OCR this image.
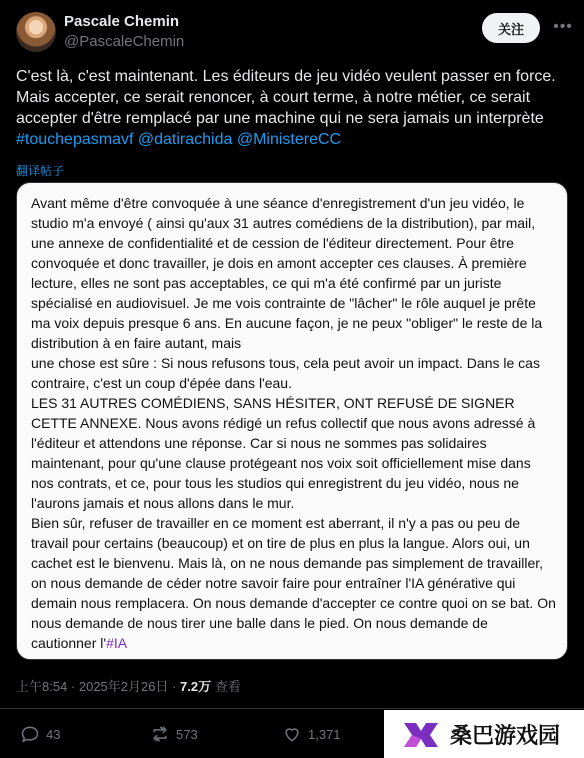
Pascale Chemin
@PascaleChemin
关注	•••
C'est là, c'est maintenant. Les éditeurs de jeu vidéo veulent passer en force. Mais accepter, ce serait renoncer, à court terme, à notre métier, ce serait accepter d'être remplacé par une machine qui ne sera jamais un interprète #touchepasmavf @datirachida @MinistereCC
翻译帖子
Avant même d'être convoquée à une séance d'enregistrement d'un jeu vidéo, le studio m'a envoyé ( ainsi qu'aux 31 autres comédiens de la distribution), par mail, une annexe de confidentialité et de cession de l'éditeur directement. Pour être convoquée et donc travailler, je dois en amont accepter ces clauses. À première lecture, elles ne sont pas acceptables, ce qui m'a été confirmé par un juriste spécialisé en audiovisuel. Je me vois contrainte de "lâcher" le rôle auquel je prête ma voix depuis presque 6 ans. En aucune façon, je ne peux "obliger" le reste de la distribution à en faire autant, mais
une chose est sûre : Si nous refusons tous, cela peut avoir un impact. Dans le cas contraire, c'est un coup d'épée dans l'eau.
LES 31 AUTRES COMÉDIENS, SANS HÉSITER, ONT REFUSÉ DE SIGNER CETTE ANNEXE. Nous avons rédigé un refus collectif que nous avons adressé à l'éditeur et attendons une réponse. Car si nous ne sommes pas solidaires maintenant, pour qu'une clause protégeant nos voix soit officiellement mise dans nos contrats, et ce, pour tous les studios qui enregistrent du jeu vidéo, nous ne l'aurons jamais et nous allons dans le mur.
Bien sûr, refuser de travailler en ce moment est aberrant, il n'y a pas ou peu de travail pour certains (beaucoup) et on tire de plus en plus la langue. Alors oui, un cachet est le bienvenu. Mais là, on ne nous demande pas simplement de travailler, on nous demande de céder notre savoir faire pour entraîner l'IA générative qui demain nous remplacera. On nous demande d'accepter ce contre quoi on se bat. On nous demande de nous tirer une balle dans le pied. On nous demande de cautionner l'#IA
上午8:54 · 2025年2月26日 · 7.2万 查看
43	573	1,371	桑巴游戏园
